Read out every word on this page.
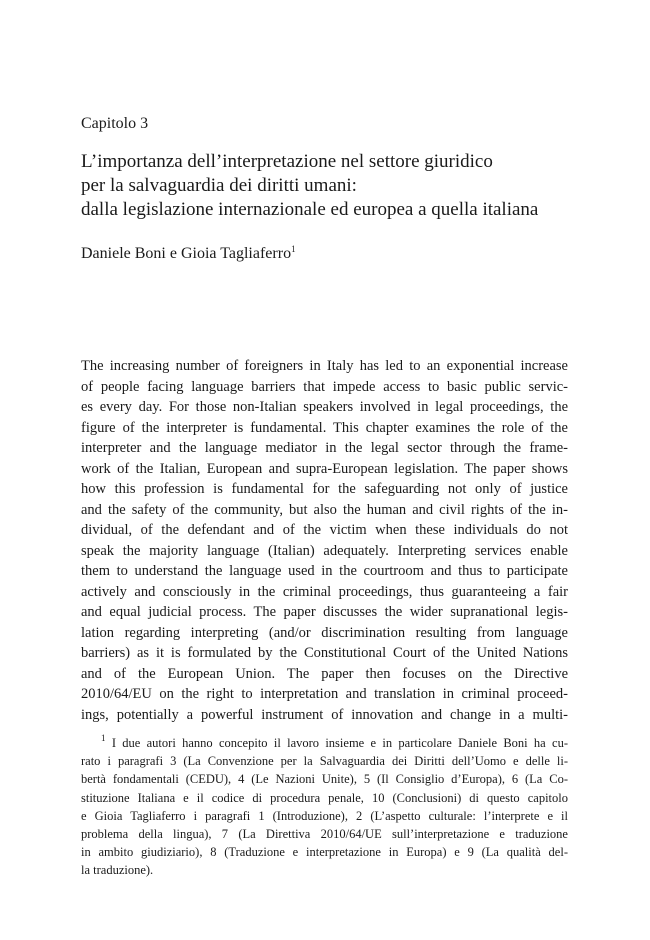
Capitolo 3
L’importanza dell’interpretazione nel settore giuridico
per la salvaguardia dei diritti umani:
dalla legislazione internazionale ed europea a quella italiana
Daniele Boni e Gioia Tagliaferro$^1$

The increasing number of foreigners in Italy has led to an exponential increase
of people facing language barriers that impede access to basic public servic-
es every day. For those non-Italian speakers involved in legal proceedings, the
figure of the interpreter is fundamental. This chapter examines the role of the
interpreter and the language mediator in the legal sector through the frame-
work of the Italian, European and supra-European legislation. The paper shows
how this profession is fundamental for the safeguarding not only of justice
and the safety of the community, but also the human and civil rights of the in-
dividual, of the defendant and of the victim when these individuals do not
speak the majority language (Italian) adequately. Interpreting services enable
them to understand the language used in the courtroom and thus to participate
actively and consciously in the criminal proceedings, thus guaranteeing a fair
and equal judicial process. The paper discusses the wider supranational legis-
lation regarding interpreting (and/or discrimination resulting from language
barriers) as it is formulated by the Constitutional Court of the United Nations
and of the European Union. The paper then focuses on the Directive
2010/64/EU on the right to interpretation and translation in criminal proceed-
ings, potentially a powerful instrument of innovation and change in a multi-

$^1$ I due autori hanno concepito il lavoro insieme e in particolare Daniele Boni ha cu-
rato i paragrafi 3 (La Convenzione per la Salvaguardia dei Diritti dell’Uomo e delle li-
bertà fondamentali (CEDU), 4 (Le Nazioni Unite), 5 (Il Consiglio d’Europa), 6 (La Co-
stituzione Italiana e il codice di procedura penale, 10 (Conclusioni) di questo capitolo
e Gioia Tagliaferro i paragrafi 1 (Introduzione), 2 (L’aspetto culturale: l’interprete e il
problema della lingua), 7 (La Direttiva 2010/64/UE sull’interpretazione e traduzione
in ambito giudiziario), 8 (Traduzione e interpretazione in Europa) e 9 (La qualità del-
la traduzione).
